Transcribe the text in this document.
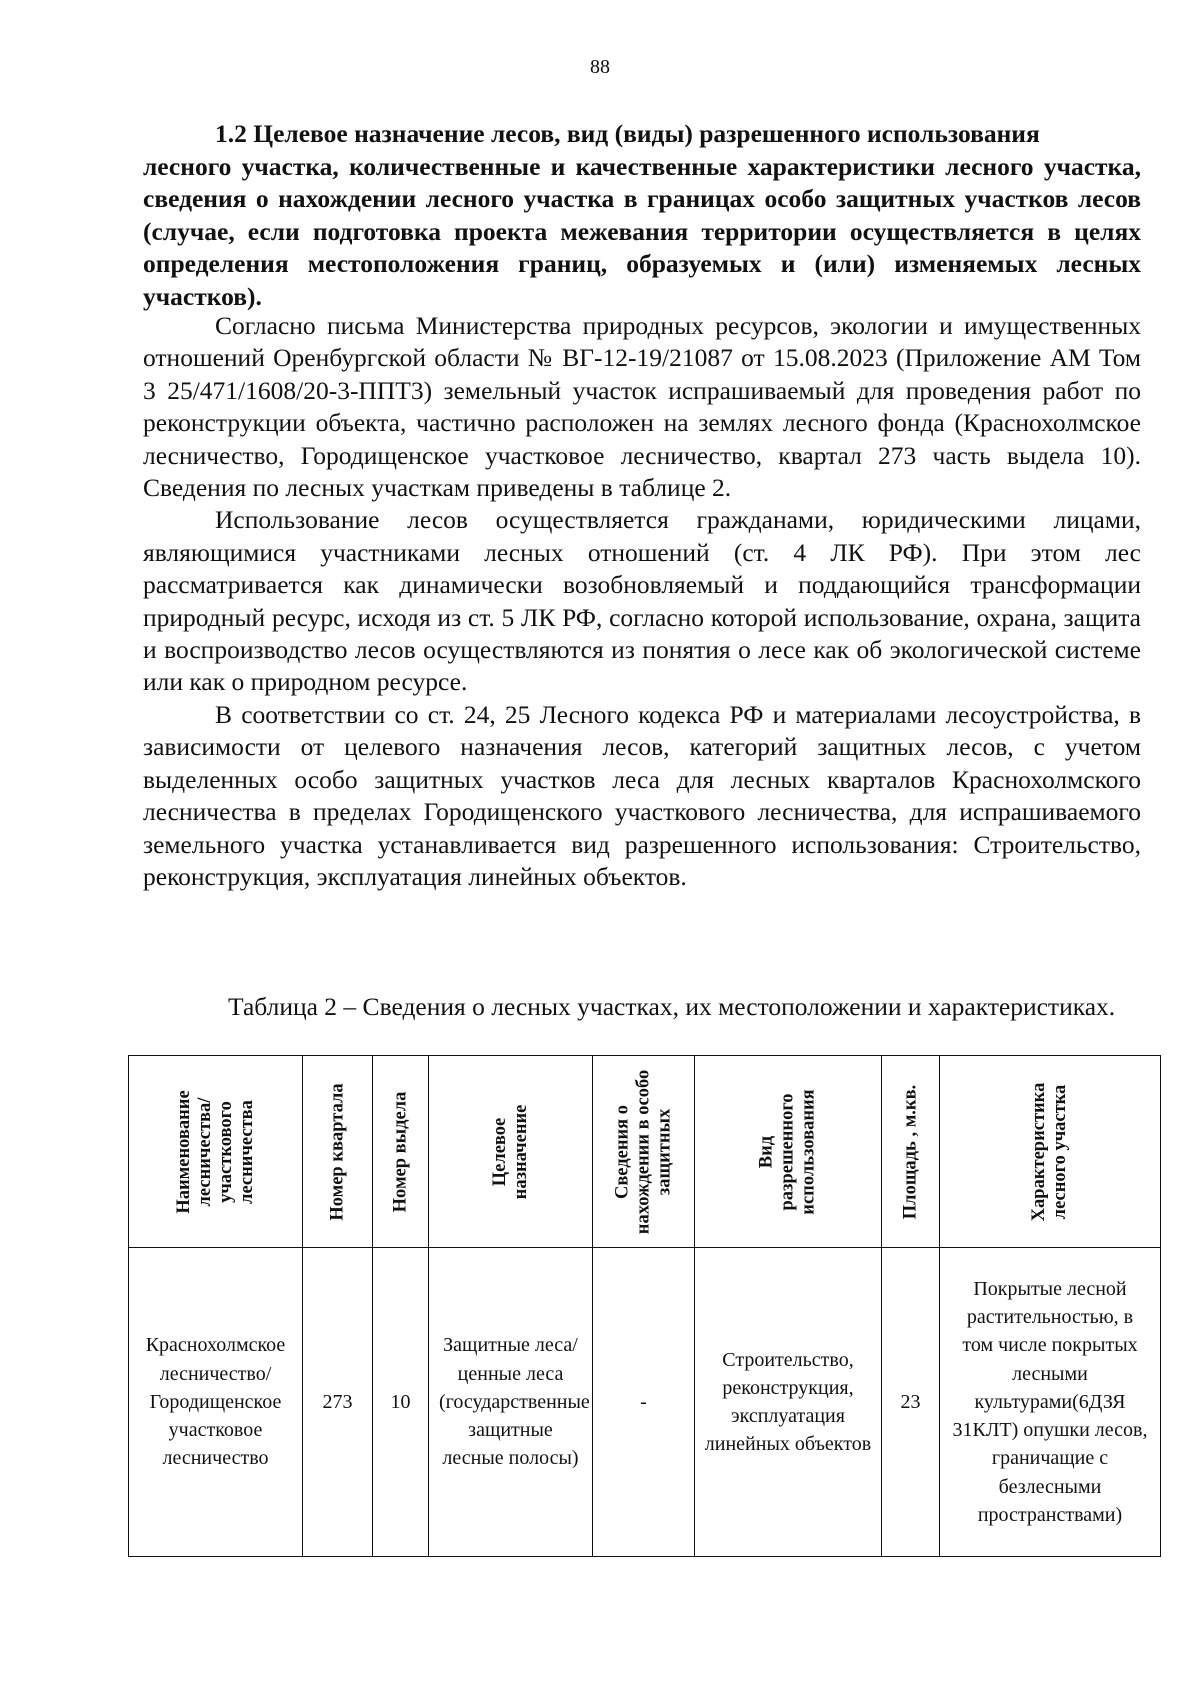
88
1.2 Целевое назначение лесов, вид (виды) разрешенного использования
лесного участка, количественные и качественные характеристики лесного участка, сведения о нахождении лесного участка в границах особо защитных участков лесов (случае, если подготовка проекта межевания территории осуществляется в целях определения местоположения границ, образуемых и (или) изменяемых лесных участков).

Согласно письма Министерства природных ресурсов, экологии и имущественных отношений Оренбургской области № ВГ-12-19/21087 от 15.08.2023 (Приложение АМ Том 3 25/471/1608/20-3-ППТ3) земельный участок испрашиваемый для проведения работ по реконструкции объекта, частично расположен на землях лесного фонда (Краснохолмское лесничество, Городищенское участковое лесничество, квартал 273 часть выдела 10). Сведения по лесных участкам приведены в таблице 2.

Использование лесов осуществляется гражданами, юридическими лицами, являющимися участниками лесных отношений (ст. 4 ЛК РФ). При этом лес рассматривается как динамически возобновляемый и поддающийся трансформации природный ресурс, исходя из ст. 5 ЛК РФ, согласно которой использование, охрана, защита и воспроизводство лесов осуществляются из понятия о лесе как об экологической системе или как о природном ресурсе.

В соответствии со ст. 24, 25 Лесного кодекса РФ и материалами лесоустройства, в зависимости от целевого назначения лесов, категорий защитных лесов, с учетом выделенных особо защитных участков леса для лесных кварталов Краснохолмского лесничества в пределах Городищенского участкового лесничества, для испрашиваемого земельного участка устанавливается вид разрешенного использования: Строительство, реконструкция, эксплуатация линейных объектов.

Таблица 2 – Сведения о лесных участках, их местоположении и характеристиках.
Наименование лесничества/участкового лесничества	Номер квартала	Номер выдела	Целевое назначение	Сведения о нахождении в особо защитных	Вид разрешенного использования	Площадь , м.кв.	Характеристика лесного участка

Краснохолмское лесничество/ Городищенское участковое лесничество	273	10	Защитные леса/ ценные леса (государственные защитные лесные полосы)	-	Строительство, реконструкция, эксплуатация линейных объектов	23	Покрытые лесной растительностью, в том числе покрытых лесными культурами(6ДЗЯ 31КЛТ) опушки лесов, граничащие с безлесными пространствами)
